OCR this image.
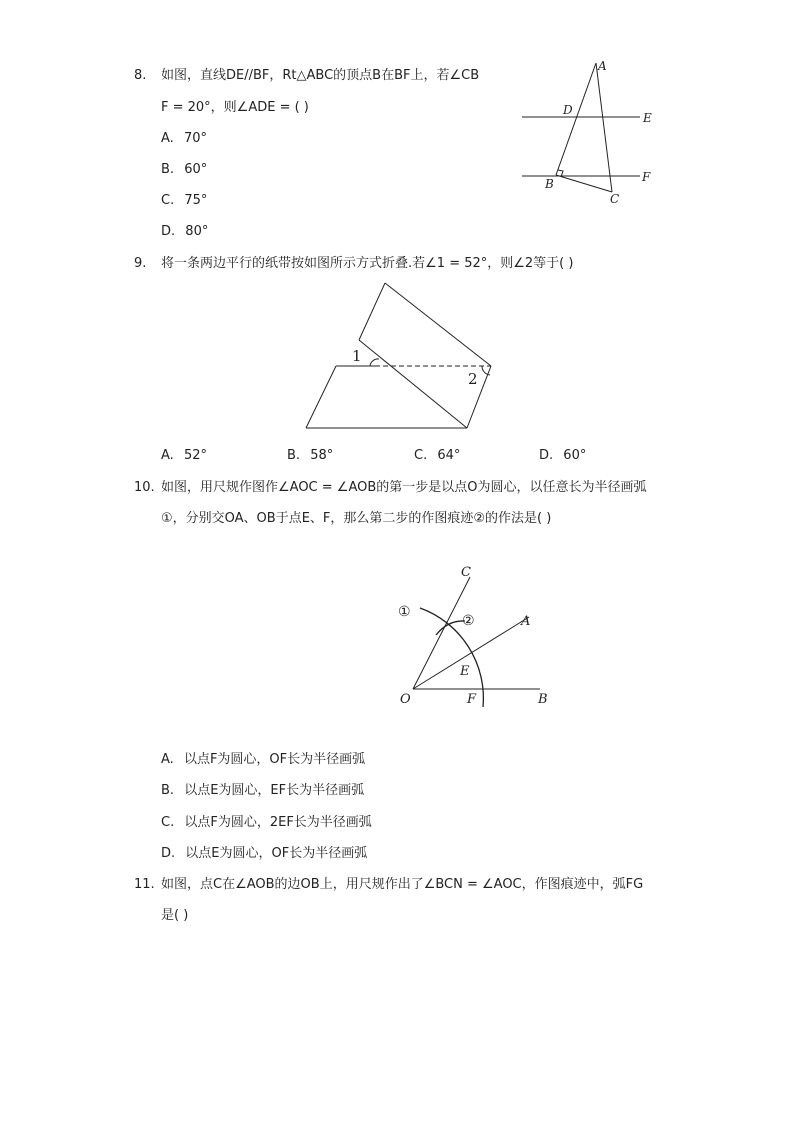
8. 如图，直线DE//BF，Rt△ABC的顶点B在BF上，若∠CB
F = 20°，则∠ADE = ( )
A. 70°
B. 60°
C. 75°
D. 80°
A
D
E
B	F
C
9. 将一条两边平行的纸带按如图所示方式折叠.若∠1 = 52°，则∠2等于( )
1
2
A. 52°	B. 58°	C. 64°	D. 60°
10. 如图，用尺规作图作∠AOC = ∠AOB的第一步是以点O为圆心，以任意长为半径画弧
①，分别交OA、OB于点E、F，那么第二步的作图痕迹②的作法是( )
C
A
O	F	B
E
①
②
A. 以点F为圆心，OF长为半径画弧
B. 以点E为圆心，EF长为半径画弧
C. 以点F为圆心，2EF长为半径画弧
D. 以点E为圆心，OF长为半径画弧
11. 如图，点C在∠AOB的边OB上，用尺规作出了∠BCN = ∠AOC，作图痕迹中，弧FG
是( )
